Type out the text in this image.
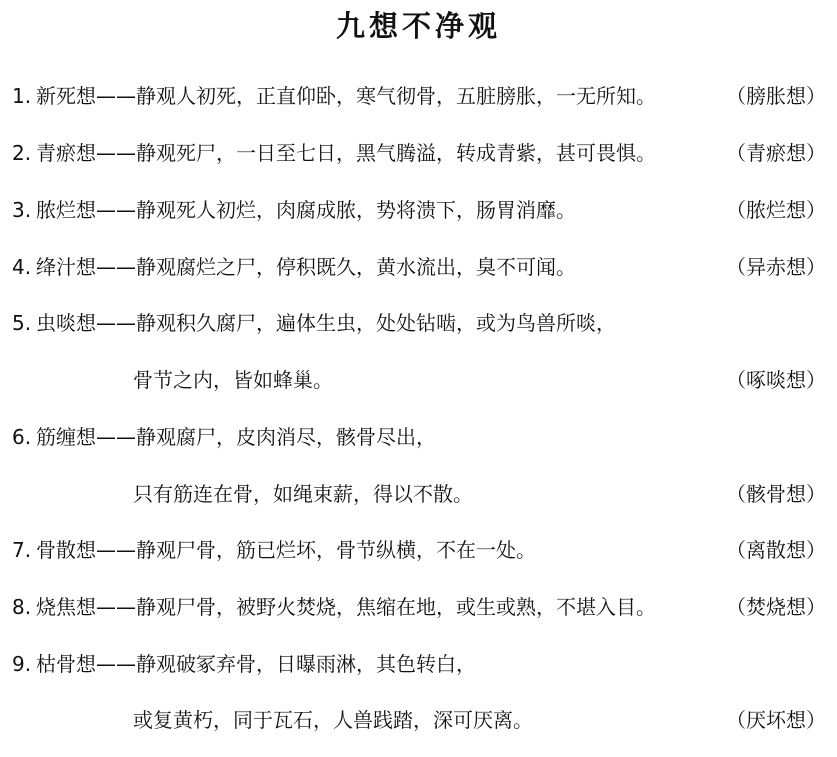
九想不净观
1. 新死想——静观人初死，正直仰卧，寒气彻骨，五脏膀胀，一无所知。	（膀胀想）
2. 青瘀想——静观死尸，一日至七日，黑气腾溢，转成青紫，甚可畏惧。	（青瘀想）
3. 脓烂想——静观死人初烂，肉腐成脓，势将溃下，肠胃消靡。	（脓烂想）
4. 绛汁想——静观腐烂之尸，停积既久，黄水流出，臭不可闻。	（异赤想）
5. 虫啖想——静观积久腐尸，遍体生虫，处处钻啮，或为鸟兽所啖，
骨节之内，皆如蜂巢。	（啄啖想）
6. 筋缠想——静观腐尸，皮肉消尽，骸骨尽出，
只有筋连在骨，如绳束薪，得以不散。	（骸骨想）
7. 骨散想——静观尸骨，筋已烂坏，骨节纵横，不在一处。	（离散想）
8. 烧焦想——静观尸骨，被野火焚烧，焦缩在地，或生或熟，不堪入目。	（焚烧想）
9. 枯骨想——静观破冢弃骨，日曝雨淋，其色转白，
或复黄朽，同于瓦石，人兽践踏，深可厌离。	（厌坏想）
